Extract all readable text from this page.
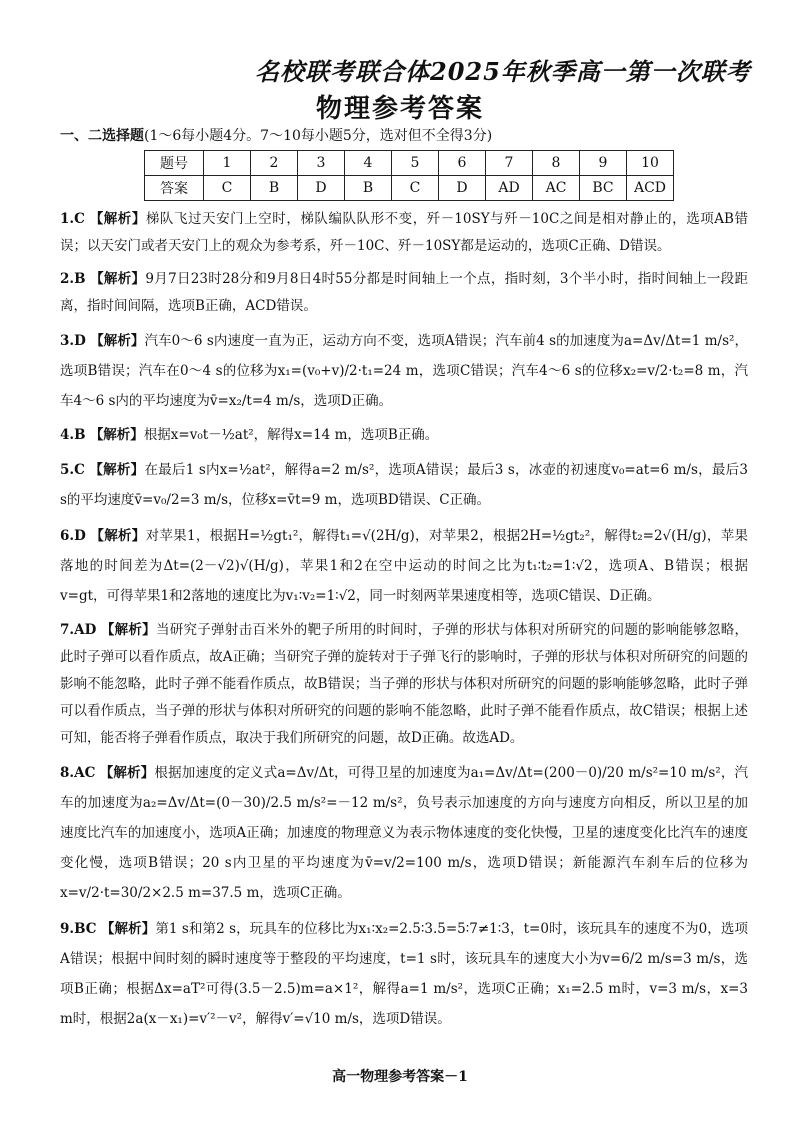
名校联考联合体2025年秋季高一第一次联考
物理参考答案
一、二选择题(1～6每小题4分。7～10每小题5分，选对但不全得3分)
题号	1	2	3	4	5	6	7	8	9	10
答案	C	B	D	B	C	D	AD	AC	BC	ACD
1.C 【解析】梯队飞过天安门上空时，梯队编队队形不变，歼－10SY与歼－10C之间是相对静止的，选项AB错误；以天安门或者天安门上的观众为参考系，歼－10C、歼－10SY都是运动的，选项C正确、D错误。
2.B 【解析】9月7日23时28分和9月8日4时55分都是时间轴上一个点，指时刻，3个半小时，指时间轴上一段距离，指时间间隔，选项B正确，ACD错误。
3.D 【解析】汽车0～6 s内速度一直为正，运动方向不变，选项A错误；汽车前4 s的加速度为a=Δv/Δt=1 m/s²，选项B错误；汽车在0～4 s的位移为x₁=(v₀+v)/2·t₁=24 m，选项C错误；汽车4～6 s的位移x₂=v/2·t₂=8 m，汽车4～6 s内的平均速度为v̄=x₂/t=4 m/s，选项D正确。
4.B 【解析】根据x=v₀t－½at²，解得x=14 m，选项B正确。
5.C 【解析】在最后1 s内x=½at²，解得a=2 m/s²，选项A错误；最后3 s，冰壶的初速度v₀=at=6 m/s，最后3 s的平均速度v̄=v₀/2=3 m/s，位移x=v̄t=9 m，选项BD错误、C正确。
6.D 【解析】对苹果1，根据H=½gt₁²，解得t₁=√(2H/g)，对苹果2，根据2H=½gt₂²，解得t₂=2√(H/g)，苹果落地的时间差为Δt=(2－√2)√(H/g)，苹果1和2在空中运动的时间之比为t₁∶t₂=1∶√2，选项A、B错误；根据v=gt，可得苹果1和2落地的速度比为v₁∶v₂=1∶√2，同一时刻两苹果速度相等，选项C错误、D正确。
7.AD 【解析】当研究子弹射击百米外的靶子所用的时间时，子弹的形状与体积对所研究的问题的影响能够忽略，此时子弹可以看作质点，故A正确；当研究子弹的旋转对于子弹飞行的影响时，子弹的形状与体积对所研究的问题的影响不能忽略，此时子弹不能看作质点，故B错误；当子弹的形状与体积对所研究的问题的影响能够忽略，此时子弹可以看作质点，当子弹的形状与体积对所研究的问题的影响不能忽略，此时子弹不能看作质点，故C错误；根据上述可知，能否将子弹看作质点，取决于我们所研究的问题，故D正确。故选AD。
8.AC 【解析】根据加速度的定义式a=Δv/Δt，可得卫星的加速度为a₁=Δv/Δt=(200－0)/20 m/s²=10 m/s²，汽车的加速度为a₂=Δv/Δt=(0－30)/2.5 m/s²=－12 m/s²，负号表示加速度的方向与速度方向相反，所以卫星的加速度比汽车的加速度小，选项A正确；加速度的物理意义为表示物体速度的变化快慢，卫星的速度变化比汽车的速度变化慢，选项B错误；20 s内卫星的平均速度为v̄=v/2=100 m/s，选项D错误；新能源汽车刹车后的位移为x=v/2·t=30/2×2.5 m=37.5 m，选项C正确。
9.BC 【解析】第1 s和第2 s，玩具车的位移比为x₁∶x₂=2.5∶3.5=5∶7≠1∶3，t=0时，该玩具车的速度不为0，选项A错误；根据中间时刻的瞬时速度等于整段的平均速度，t=1 s时，该玩具车的速度大小为v=6/2 m/s=3 m/s，选项B正确；根据Δx=aT²可得(3.5－2.5)m=a×1²，解得a=1 m/s²，选项C正确；x₁=2.5 m时，v=3 m/s，x=3 m时，根据2a(x－x₁)=v′²－v²，解得v′=√10 m/s，选项D错误。
高一物理参考答案－1
